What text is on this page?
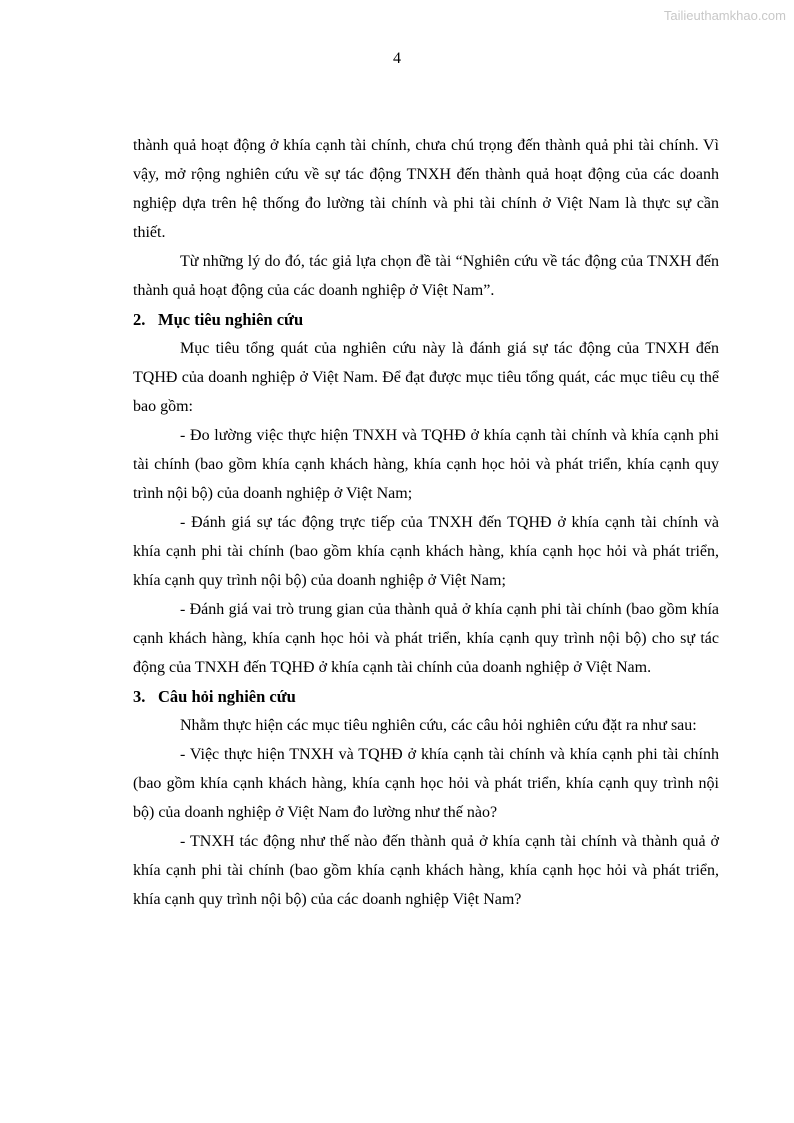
Tailieuthamkhao.com
4

thành quả hoạt động ở khía cạnh tài chính, chưa chú trọng đến thành quả phi tài chính. Vì vậy, mở rộng nghiên cứu về sự tác động TNXH đến thành quả hoạt động của các doanh nghiệp dựa trên hệ thống đo lường tài chính và phi tài chính ở Việt Nam là thực sự cần thiết.

Từ những lý do đó, tác giả lựa chọn đề tài “Nghiên cứu về tác động của TNXH đến thành quả hoạt động của các doanh nghiệp ở Việt Nam”.

2. Mục tiêu nghiên cứu

Mục tiêu tổng quát của nghiên cứu này là đánh giá sự tác động của TNXH đến TQHĐ của doanh nghiệp ở Việt Nam. Để đạt được mục tiêu tổng quát, các mục tiêu cụ thể bao gồm:

- Đo lường việc thực hiện TNXH và TQHĐ ở khía cạnh tài chính và khía cạnh phi tài chính (bao gồm khía cạnh khách hàng, khía cạnh học hỏi và phát triển, khía cạnh quy trình nội bộ) của doanh nghiệp ở Việt Nam;

- Đánh giá sự tác động trực tiếp của TNXH đến TQHĐ ở khía cạnh tài chính và khía cạnh phi tài chính (bao gồm khía cạnh khách hàng, khía cạnh học hỏi và phát triển, khía cạnh quy trình nội bộ) của doanh nghiệp ở Việt Nam;

- Đánh giá vai trò trung gian của thành quả ở khía cạnh phi tài chính (bao gồm khía cạnh khách hàng, khía cạnh học hỏi và phát triển, khía cạnh quy trình nội bộ) cho sự tác động của TNXH đến TQHĐ ở khía cạnh tài chính của doanh nghiệp ở Việt Nam.

3. Câu hỏi nghiên cứu

Nhằm thực hiện các mục tiêu nghiên cứu, các câu hỏi nghiên cứu đặt ra như sau:

- Việc thực hiện TNXH và TQHĐ ở khía cạnh tài chính và khía cạnh phi tài chính (bao gồm khía cạnh khách hàng, khía cạnh học hỏi và phát triển, khía cạnh quy trình nội bộ) của doanh nghiệp ở Việt Nam đo lường như thế nào?

- TNXH tác động như thế nào đến thành quả ở khía cạnh tài chính và thành quả ở khía cạnh phi tài chính (bao gồm khía cạnh khách hàng, khía cạnh học hỏi và phát triển, khía cạnh quy trình nội bộ) của các doanh nghiệp Việt Nam?
